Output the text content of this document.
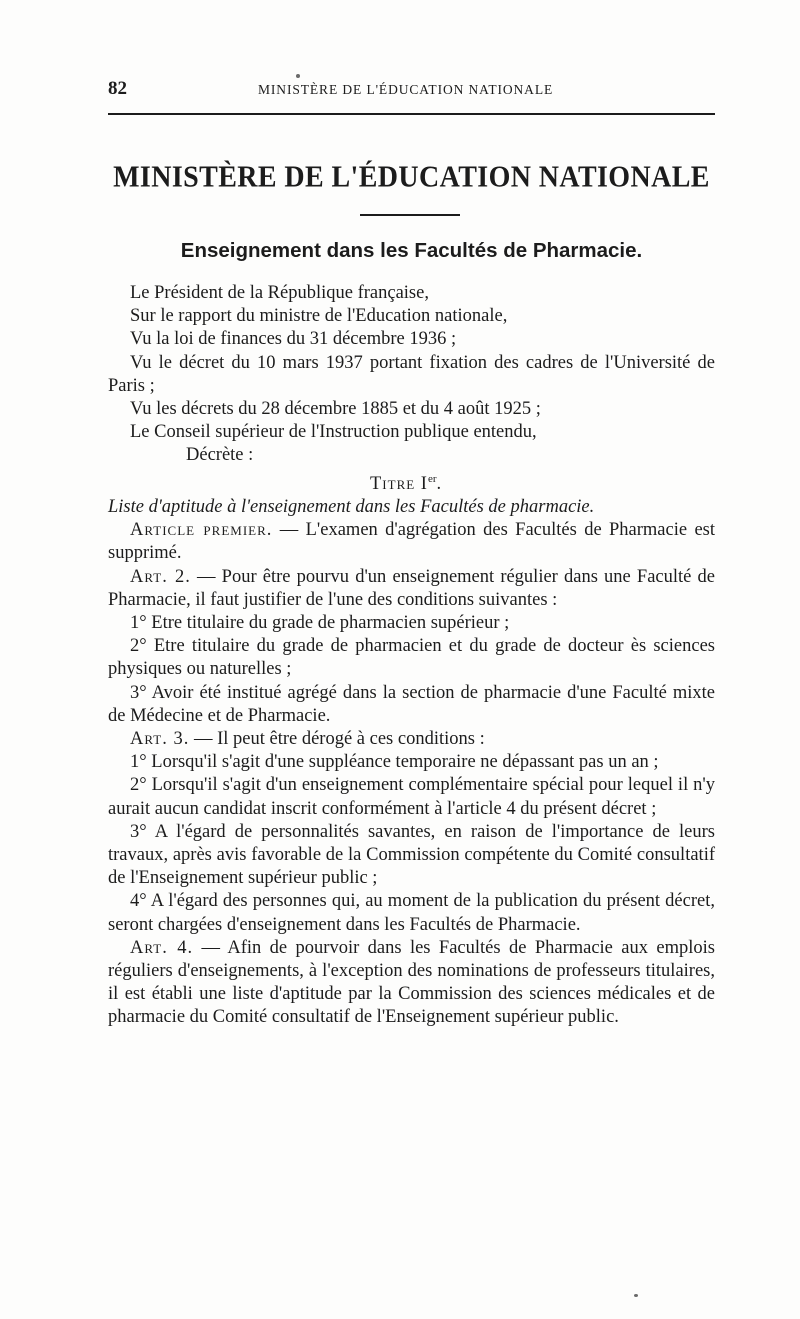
82	MINISTÈRE DE L'ÉDUCATION NATIONALE
MINISTÈRE DE L'ÉDUCATION NATIONALE
Enseignement dans les Facultés de Pharmacie.

Le Président de la République française,

Sur le rapport du ministre de l'Education nationale,

Vu la loi de finances du 31 décembre 1936 ;

Vu le décret du 10 mars 1937 portant fixation des cadres de l'Université de Paris ;

Vu les décrets du 28 décembre 1885 et du 4 août 1925 ;

Le Conseil supérieur de l'Instruction publique entendu,

Décrète :

Titre Ier.

Liste d'aptitude à l'enseignement dans les Facultés de pharmacie.

Article premier. — L'examen d'agrégation des Facultés de Pharmacie est supprimé.

Art. 2. — Pour être pourvu d'un enseignement régulier dans une Faculté de Pharmacie, il faut justifier de l'une des conditions suivantes :

1° Etre titulaire du grade de pharmacien supérieur ;

2° Etre titulaire du grade de pharmacien et du grade de docteur ès sciences physiques ou naturelles ;

3° Avoir été institué agrégé dans la section de pharmacie d'une Faculté mixte de Médecine et de Pharmacie.

Art. 3. — Il peut être dérogé à ces conditions :

1° Lorsqu'il s'agit d'une suppléance temporaire ne dépassant pas un an ;

2° Lorsqu'il s'agit d'un enseignement complémentaire spécial pour lequel il n'y aurait aucun candidat inscrit conformément à l'article 4 du présent décret ;

3° A l'égard de personnalités savantes, en raison de l'importance de leurs travaux, après avis favorable de la Commission compétente du Comité consultatif de l'Enseignement supérieur public ;

4° A l'égard des personnes qui, au moment de la publication du présent décret, seront chargées d'enseignement dans les Facultés de Pharmacie.

Art. 4. — Afin de pourvoir dans les Facultés de Pharmacie aux emplois réguliers d'enseignements, à l'exception des nominations de professeurs titulaires, il est établi une liste d'aptitude par la Commission des sciences médicales et de pharmacie du Comité consultatif de l'Enseignement supérieur public.
